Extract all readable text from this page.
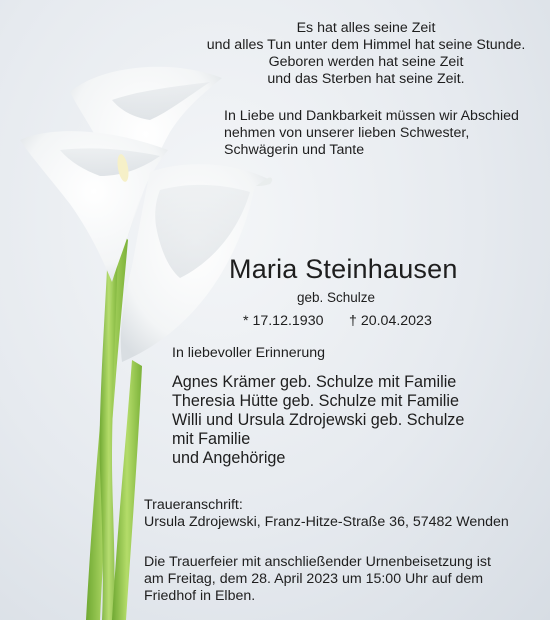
Es hat alles seine Zeit
und alles Tun unter dem Himmel hat seine Stunde.
Geboren werden hat seine Zeit
und das Sterben hat seine Zeit.
In Liebe und Dankbarkeit müssen wir Abschied
nehmen von unserer lieben Schwester,
Schwägerin und Tante
Maria Steinhausen
geb. Schulze
* 17.12.1930 † 20.04.2023
In liebevoller Erinnerung
Agnes Krämer geb. Schulze mit Familie
Theresia Hütte geb. Schulze mit Familie
Willi und Ursula Zdrojewski geb. Schulze
mit Familie
und Angehörige
Traueranschrift:
Ursula Zdrojewski, Franz-Hitze-Straße 36, 57482 Wenden
Die Trauerfeier mit anschließender Urnenbeisetzung ist
am Freitag, dem 28. April 2023 um 15:00 Uhr auf dem
Friedhof in Elben.
